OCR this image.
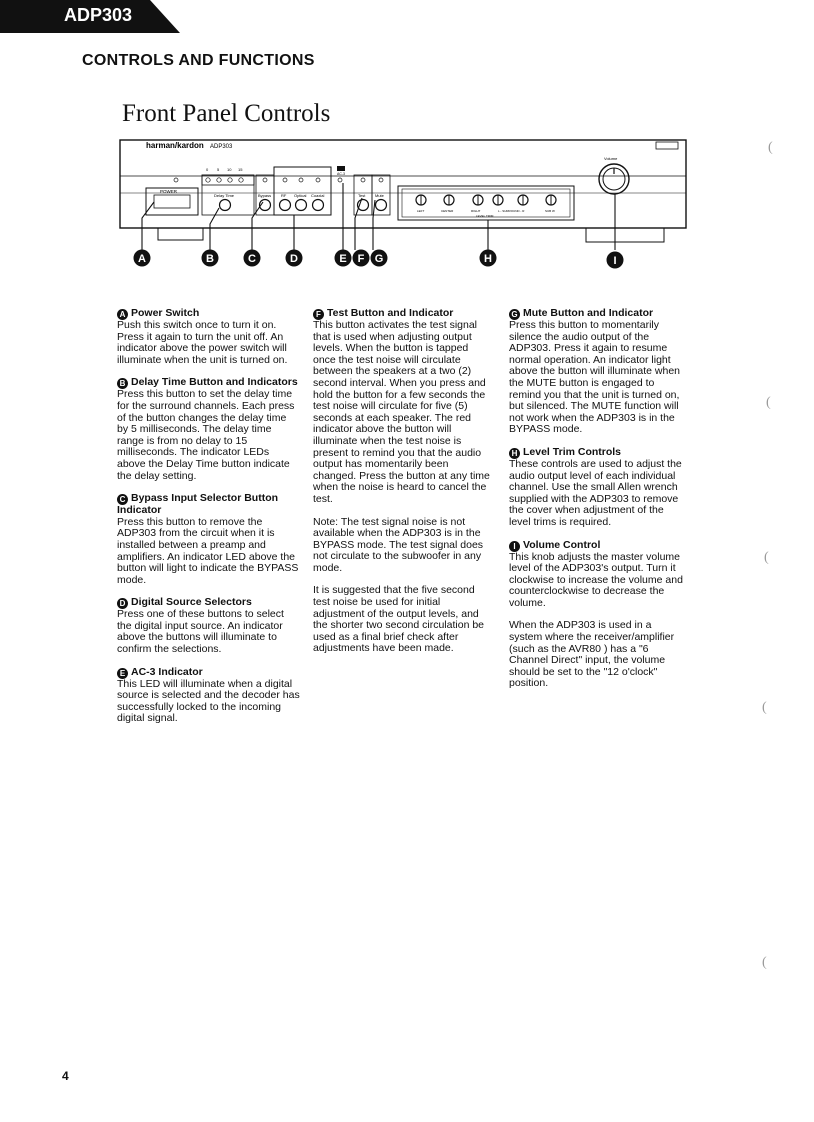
ADP303
CONTROLS AND FUNCTIONS
Front Panel Controls
harman/kardon ADP303
POWER
0 5 10 15
Delay Time	Bypass RF Optical Coaxial
AC-3
Test Mute
LEFT	CENTER	RIGHT	L - SURROUND - R	SUB W
LEVEL TRIM
Volume
A	B	C	D	E F G	H	I
A Power Switch
Push this switch once to turn it on. Press it again to turn the unit off. An indicator above the power switch will illuminate when the unit is turned on.
B Delay Time Button and Indicators
Press this button to set the delay time for the surround channels. Each press of the button changes the delay time by 5 milliseconds. The delay time range is from no delay to 15 milliseconds. The indicator LEDs above the Delay Time button indicate the delay setting.
C Bypass Input Selector Button Indicator
Press this button to remove the ADP303 from the circuit when it is installed between a preamp and amplifiers. An indicator LED above the button will light to indicate the BYPASS mode.
D Digital Source Selectors
Press one of these buttons to select the digital input source. An indicator above the buttons will illuminate to confirm the selections.
E AC-3 Indicator
This LED will illuminate when a digital source is selected and the decoder has successfully locked to the incoming digital signal.
F Test Button and Indicator
This button activates the test signal that is used when adjusting output levels. When the button is tapped once the test noise will circulate between the speakers at a two (2) second interval. When you press and hold the button for a few seconds the test noise will circulate for five (5) seconds at each speaker. The red indicator above the button will illuminate when the test noise is present to remind you that the audio output has momentarily been changed. Press the button at any time when the noise is heard to cancel the test.
Note: The test signal noise is not available when the ADP303 is in the BYPASS mode. The test signal does not circulate to the subwoofer in any mode.
It is suggested that the five second test noise be used for initial adjustment of the output levels, and the shorter two second circulation be used as a final brief check after adjustments have been made.
G Mute Button and Indicator
Press this button to momentarily silence the audio output of the ADP303. Press it again to resume normal operation. An indicator light above the button will illuminate when the MUTE button is engaged to remind you that the unit is turned on, but silenced. The MUTE function will not work when the ADP303 is in the BYPASS mode.
H Level Trim Controls
These controls are used to adjust the audio output level of each individual channel. Use the small Allen wrench supplied with the ADP303 to remove the cover when adjustment of the level trims is required.
I Volume Control
This knob adjusts the master volume level of the ADP303's output. Turn it clockwise to increase the volume and counterclockwise to decrease the volume.
When the ADP303 is used in a system where the receiver/amplifier (such as the AVR80 ) has a "6 Channel Direct" input, the volume should be set to the "12 o'clock" position.
(
(
(
(
(
4
